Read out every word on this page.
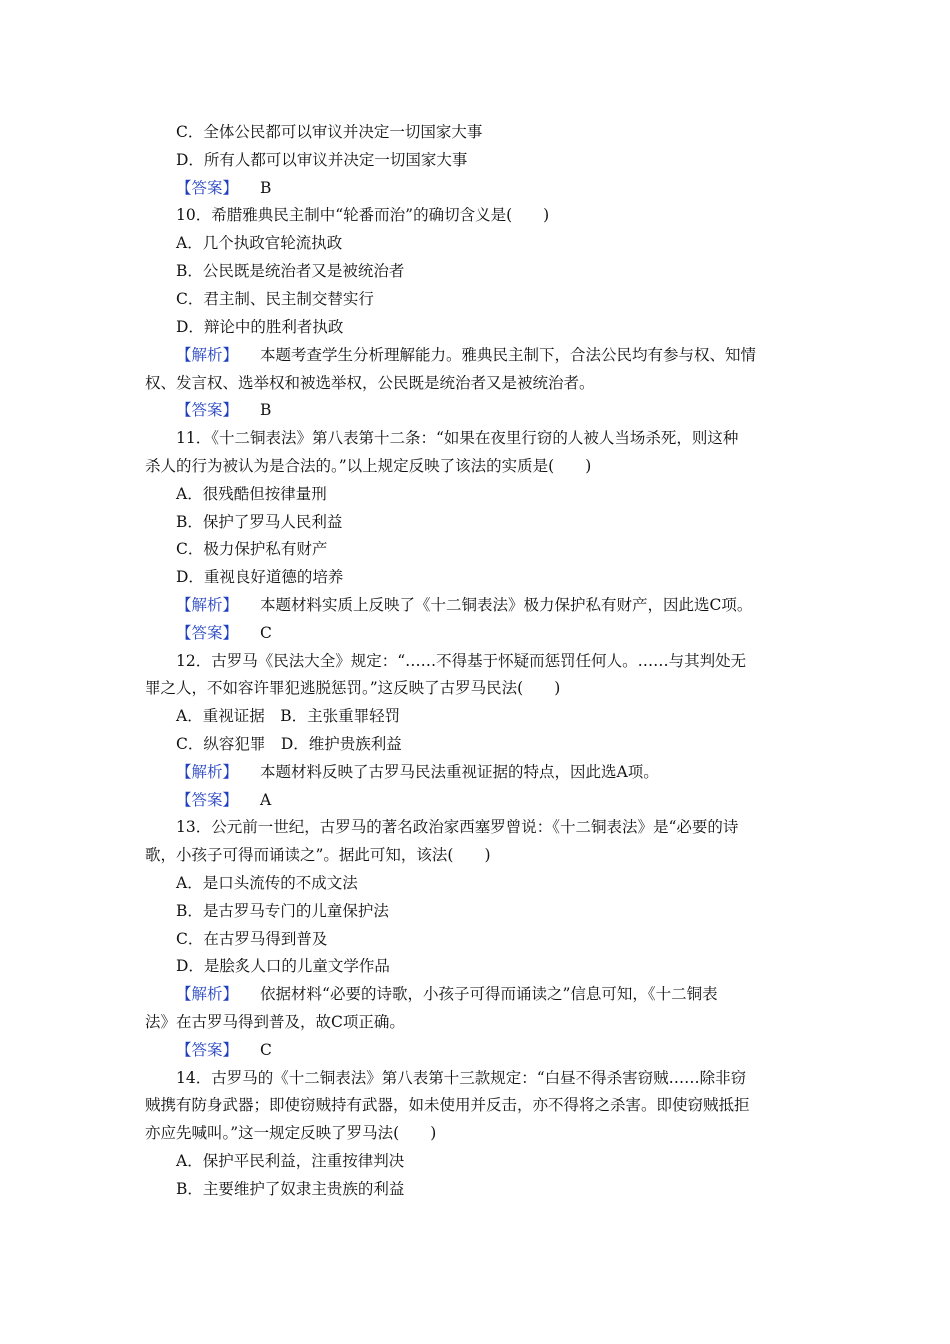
C．全体公民都可以审议并决定一切国家大事
D．所有人都可以审议并决定一切国家大事
【答案】 B
10．希腊雅典民主制中“轮番而治”的确切含义是(　　)
A．几个执政官轮流执政
B．公民既是统治者又是被统治者
C．君主制、民主制交替实行
D．辩论中的胜利者执政
【解析】 本题考查学生分析理解能力。雅典民主制下，合法公民均有参与权、知情
权、发言权、选举权和被选举权，公民既是统治者又是被统治者。
【答案】 B
11．《十二铜表法》第八表第十二条：“如果在夜里行窃的人被人当场杀死，则这种
杀人的行为被认为是合法的。”以上规定反映了该法的实质是(　　)
A．很残酷但按律量刑
B．保护了罗马人民利益
C．极力保护私有财产
D．重视良好道德的培养
【解析】 本题材料实质上反映了《十二铜表法》极力保护私有财产，因此选C项。
【答案】 C
12．古罗马《民法大全》规定：“……不得基于怀疑而惩罚任何人。……与其判处无
罪之人，不如容许罪犯逃脱惩罚。”这反映了古罗马民法(　　)
A．重视证据　B．主张重罪轻罚
C．纵容犯罪　D．维护贵族利益
【解析】 本题材料反映了古罗马民法重视证据的特点，因此选A项。
【答案】 A
13．公元前一世纪，古罗马的著名政治家西塞罗曾说：《十二铜表法》是“必要的诗
歌，小孩子可得而诵读之”。据此可知，该法(　　)
A．是口头流传的不成文法
B．是古罗马专门的儿童保护法
C．在古罗马得到普及
D．是脍炙人口的儿童文学作品
【解析】 依据材料“必要的诗歌，小孩子可得而诵读之”信息可知，《十二铜表
法》在古罗马得到普及，故C项正确。
【答案】 C
14．古罗马的《十二铜表法》第八表第十三款规定：“白昼不得杀害窃贼……除非窃
贼携有防身武器；即使窃贼持有武器，如未使用并反击，亦不得将之杀害。即使窃贼抵拒
亦应先喊叫。”这一规定反映了罗马法(　　)
A．保护平民利益，注重按律判决
B．主要维护了奴隶主贵族的利益
